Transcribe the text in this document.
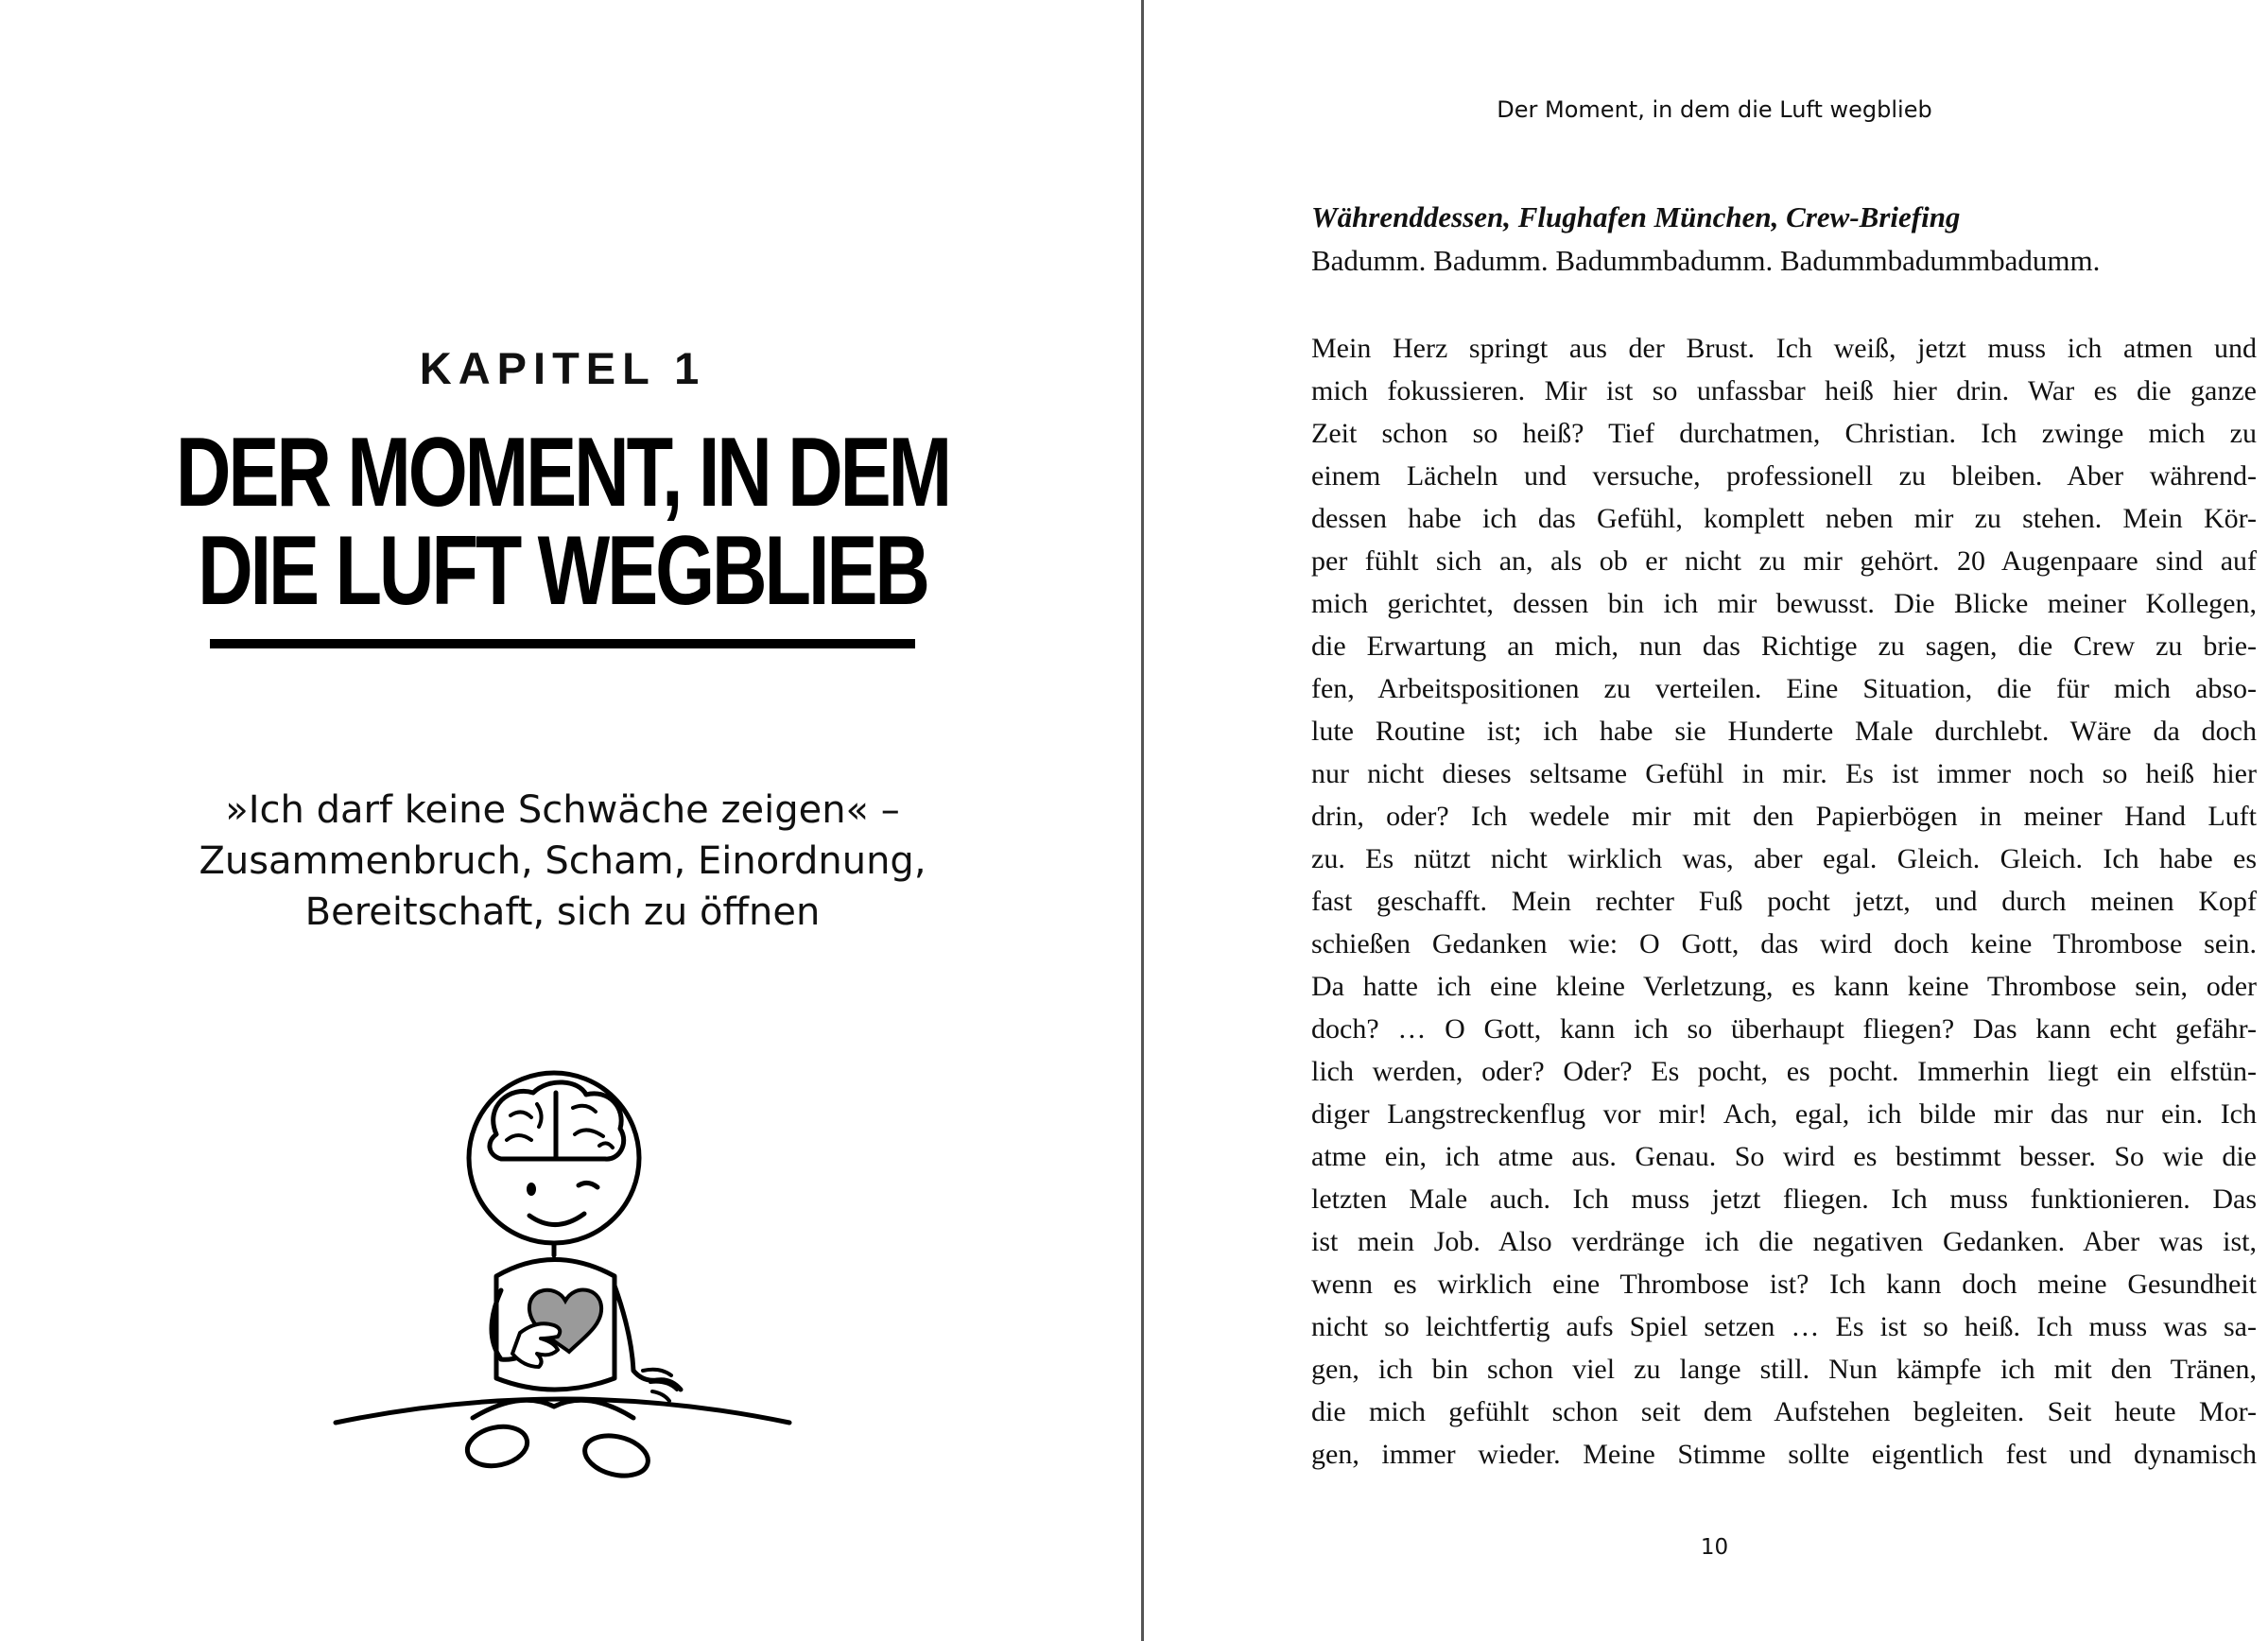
KAPITEL 1
DER MOMENT, IN DEM
DIE LUFT WEGBLIEB
»Ich darf keine Schwäche zeigen« –
Zusammenbruch, Scham, Einordnung,
Bereitschaft, sich zu öffnen
Der Moment, in dem die Luft wegblieb
Währenddessen, Flughafen München, Crew-Briefing
Badumm. Badumm. Badummbadumm. Badummbadummbadumm.
Mein Herz springt aus der Brust. Ich weiß, jetzt muss ich atmen und
mich fokussieren. Mir ist so unfassbar heiß hier drin. War es die ganze
Zeit schon so heiß? Tief durchatmen, Christian. Ich zwinge mich zu
einem Lächeln und versuche, professionell zu bleiben. Aber während-
dessen habe ich das Gefühl, komplett neben mir zu stehen. Mein Kör-
per fühlt sich an, als ob er nicht zu mir gehört. 20 Augenpaare sind auf
mich gerichtet, dessen bin ich mir bewusst. Die Blicke meiner Kollegen,
die Erwartung an mich, nun das Richtige zu sagen, die Crew zu brie-
fen, Arbeitspositionen zu verteilen. Eine Situation, die für mich abso-
lute Routine ist; ich habe sie Hunderte Male durchlebt. Wäre da doch
nur nicht dieses seltsame Gefühl in mir. Es ist immer noch so heiß hier
drin, oder? Ich wedele mir mit den Papierbögen in meiner Hand Luft
zu. Es nützt nicht wirklich was, aber egal. Gleich. Gleich. Ich habe es
fast geschafft. Mein rechter Fuß pocht jetzt, und durch meinen Kopf
schießen Gedanken wie: O Gott, das wird doch keine Thrombose sein.
Da hatte ich eine kleine Verletzung, es kann keine Thrombose sein, oder
doch? … O Gott, kann ich so überhaupt fliegen? Das kann echt gefähr-
lich werden, oder? Oder? Es pocht, es pocht. Immerhin liegt ein elfstün-
diger Langstreckenflug vor mir! Ach, egal, ich bilde mir das nur ein. Ich
atme ein, ich atme aus. Genau. So wird es bestimmt besser. So wie die
letzten Male auch. Ich muss jetzt fliegen. Ich muss funktionieren. Das
ist mein Job. Also verdränge ich die negativen Gedanken. Aber was ist,
wenn es wirklich eine Thrombose ist? Ich kann doch meine Gesundheit
nicht so leichtfertig aufs Spiel setzen … Es ist so heiß. Ich muss was sa-
gen, ich bin schon viel zu lange still. Nun kämpfe ich mit den Tränen,
die mich gefühlt schon seit dem Aufstehen begleiten. Seit heute Mor-
gen, immer wieder. Meine Stimme sollte eigentlich fest und dynamisch
10
